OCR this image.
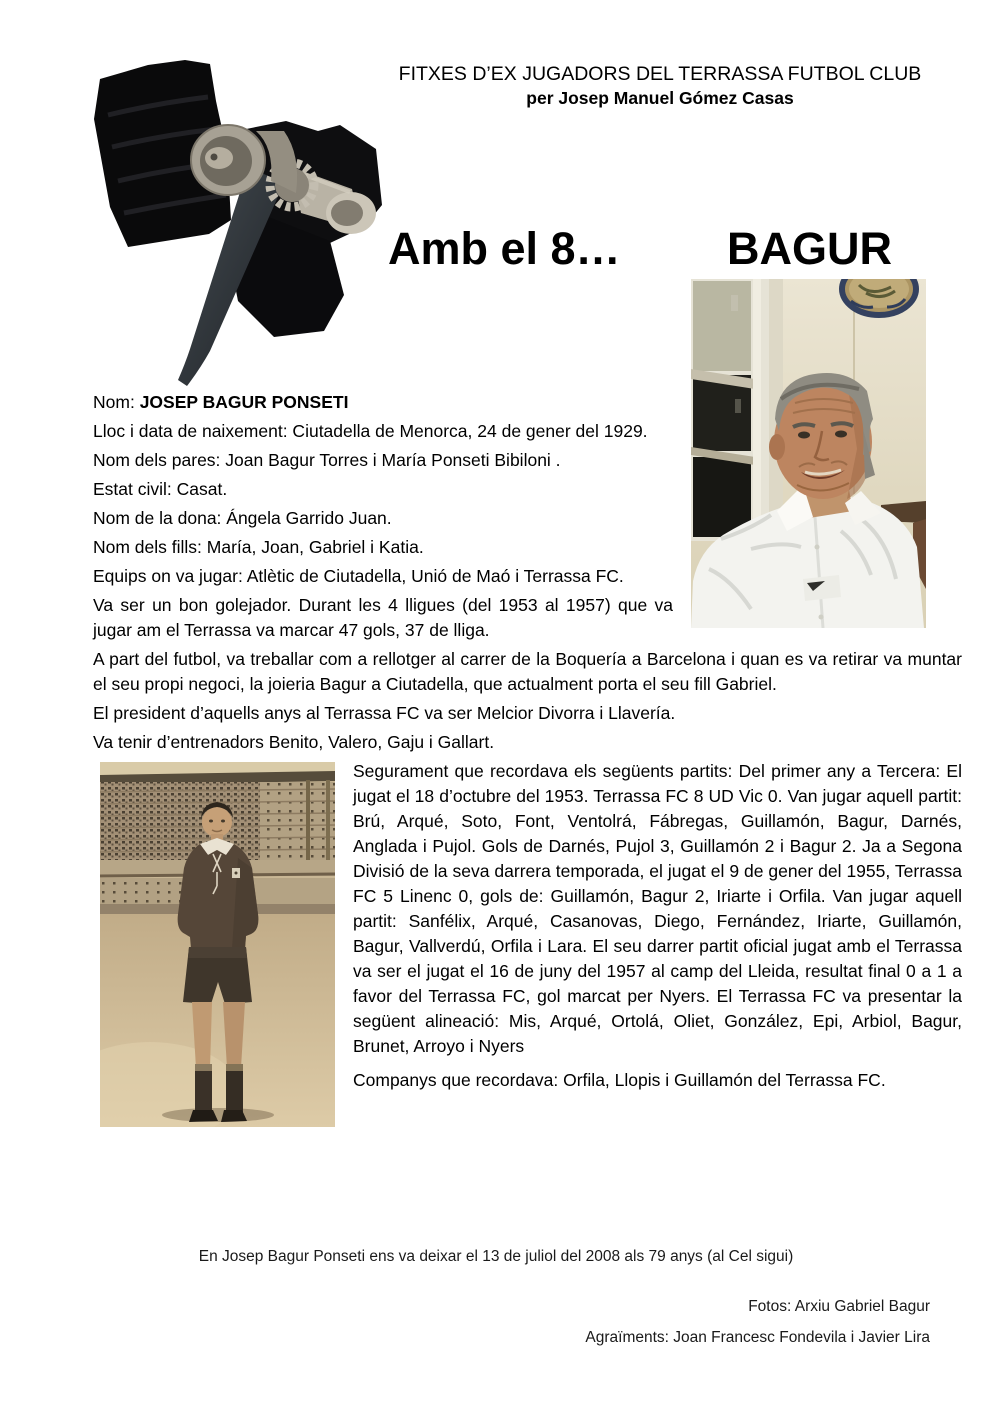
FITXES D’EX JUGADORS DEL TERRASSA FUTBOL CLUB
per Josep Manuel Gómez Casas
Amb el 8… BAGUR

Nom: JOSEP BAGUR PONSETI

Lloc i data de naixement: Ciutadella de Menorca, 24 de gener del 1929.

Nom dels pares: Joan Bagur Torres i María Ponseti Bibiloni .

Estat civil: Casat.

Nom de la dona: Ángela Garrido Juan.

Nom dels fills: María, Joan, Gabriel i Katia.

Equips on va jugar: Atlètic de Ciutadella, Unió de Maó i Terrassa FC.

Va ser un bon golejador. Durant les 4 lligues (del 1953 al 1957) que va jugar am el Terrassa va marcar 47 gols, 37 de lliga.

A part del futbol, va treballar com a rellotger al carrer de la Boquería a Barcelona i quan es va retirar va muntar el seu propi negoci, la joieria Bagur a Ciutadella, que actualment porta el seu fill Gabriel.

El president d’aquells anys al Terrassa FC va ser Melcior Divorra i Llavería.

Va tenir d’entrenadors Benito, Valero, Gaju i Gallart.

Segurament que recordava els següents partits: Del primer any a Tercera: El jugat el 18 d’octubre del 1953. Terrassa FC 8 UD Vic 0. Van jugar aquell partit: Brú, Arqué, Soto, Font, Ventolrá, Fábregas, Guillamón, Bagur, Darnés, Anglada i Pujol. Gols de Darnés, Pujol 3, Guillamón 2 i Bagur 2. Ja a Segona Divisió de la seva darrera temporada, el jugat el 9 de gener del 1955, Terrassa FC 5 Linenc 0, gols de: Guillamón, Bagur 2, Iriarte i Orfila. Van jugar aquell partit: Sanfélix, Arqué, Casanovas, Diego, Fernández, Iriarte, Guillamón, Bagur, Vallverdú, Orfila i Lara. El seu darrer partit oficial jugat amb el Terrassa va ser el jugat el 16 de juny del 1957 al camp del Lleida, resultat final 0 a 1 a favor del Terrassa FC, gol marcat per Nyers. El Terrassa FC va presentar la següent alineació: Mis, Arqué, Ortolá, Oliet, González, Epi, Arbiol, Bagur, Brunet, Arroyo i Nyers

Companys que recordava: Orfila, Llopis i Guillamón del Terrassa FC.

En Josep Bagur Ponseti ens va deixar el 13 de juliol del 2008 als 79 anys (al Cel sigui)
Fotos: Arxiu Gabriel Bagur
Agraïments: Joan Francesc Fondevila i Javier Lira
